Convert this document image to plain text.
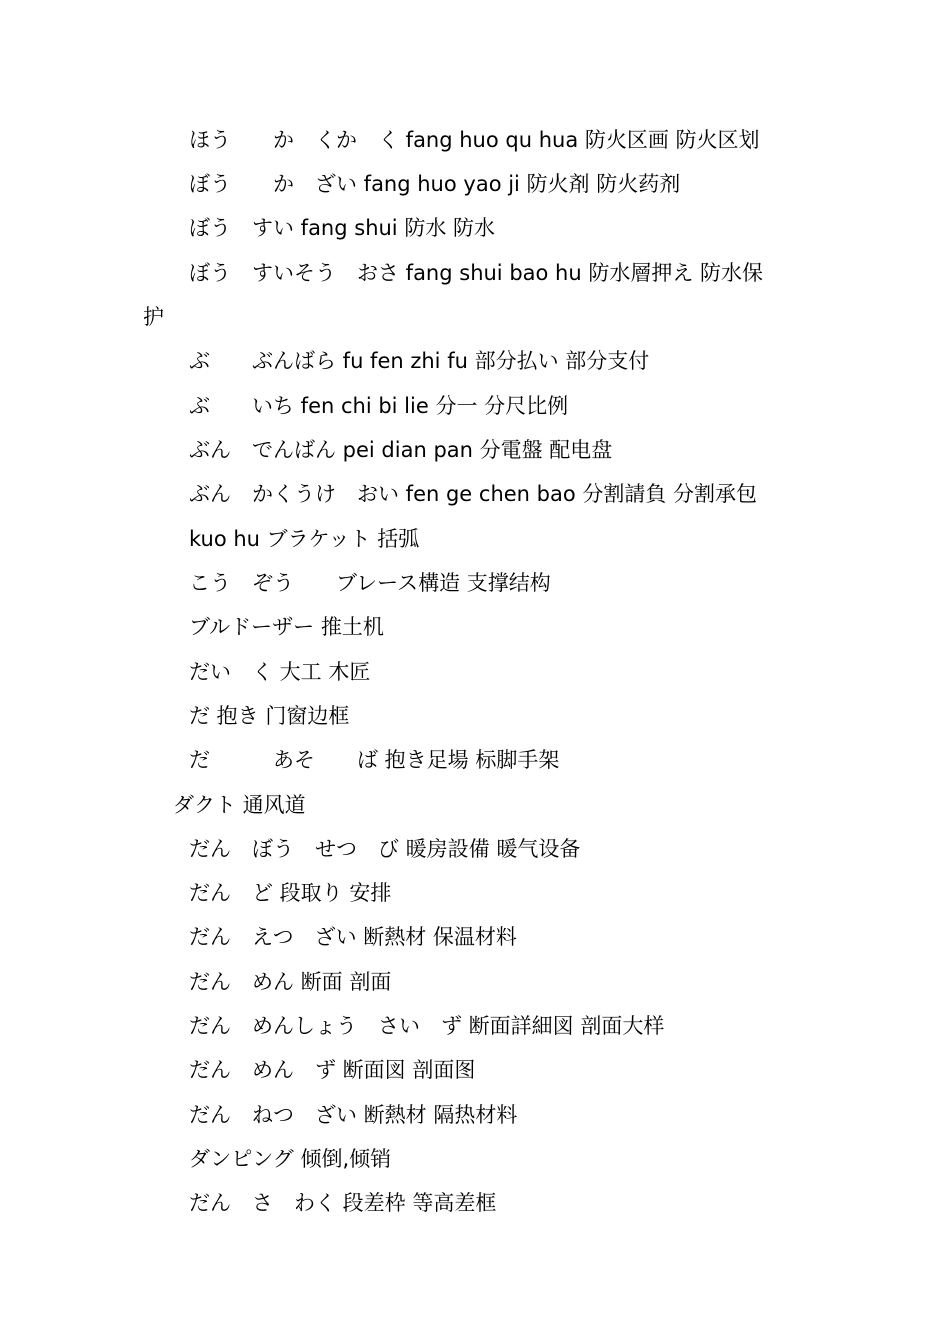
ほう　　か　くか　く fang huo qu hua 防火区画 防火区划
ぼう　　か　ざい fang huo yao ji 防火剤 防火药剂
ぼう　すい fang shui 防水 防水
ぼう　すいそう　おさ fang shui bao hu 防水層押え 防水保
护
ぶ　　ぶんばら fu fen zhi fu 部分払い 部分支付
ぶ　　いち fen chi bi lie 分一 分尺比例
ぶん　でんばん pei dian pan 分電盤 配电盘
ぶん　かくうけ　おい fen ge chen bao 分割請負 分割承包
kuo hu ブラケット 括弧
こう　ぞう　　ブレース構造 支撑结构
ブルドーザー 推土机
だい　く 大工 木匠
だ 抱き 门窗边框
だ　　　あそ　　ば 抱き足場 标脚手架
ダクト 通风道
だん　ぼう　せつ　び 暖房設備 暖气设备
だん　ど 段取り 安排
だん　えつ　ざい 断熱材 保温材料
だん　めん 断面 剖面
だん　めんしょう　さい　ず 断面詳細図 剖面大样
だん　めん　ず 断面図 剖面图
だん　ねつ　ざい 断熱材 隔热材料
ダンピング 倾倒,倾销
だん　さ　わく 段差枠 等高差框
